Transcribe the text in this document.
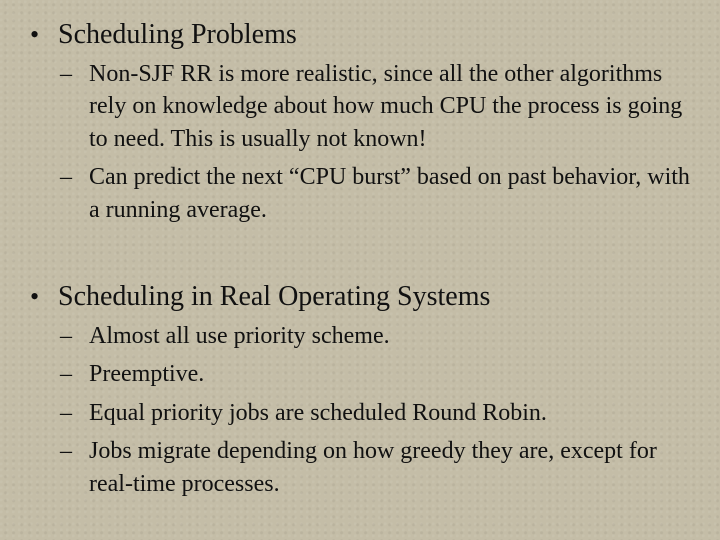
• Scheduling Problems
– Non-SJF RR is more realistic, since all the other algorithms rely on knowledge about how much CPU the process is going to need. This is usually not known!
– Can predict the next “CPU burst” based on past behavior, with a running average.
• Scheduling in Real Operating Systems
– Almost all use priority scheme.
– Preemptive.
– Equal priority jobs are scheduled Round Robin.
– Jobs migrate depending on how greedy they are, except for real-time processes.
